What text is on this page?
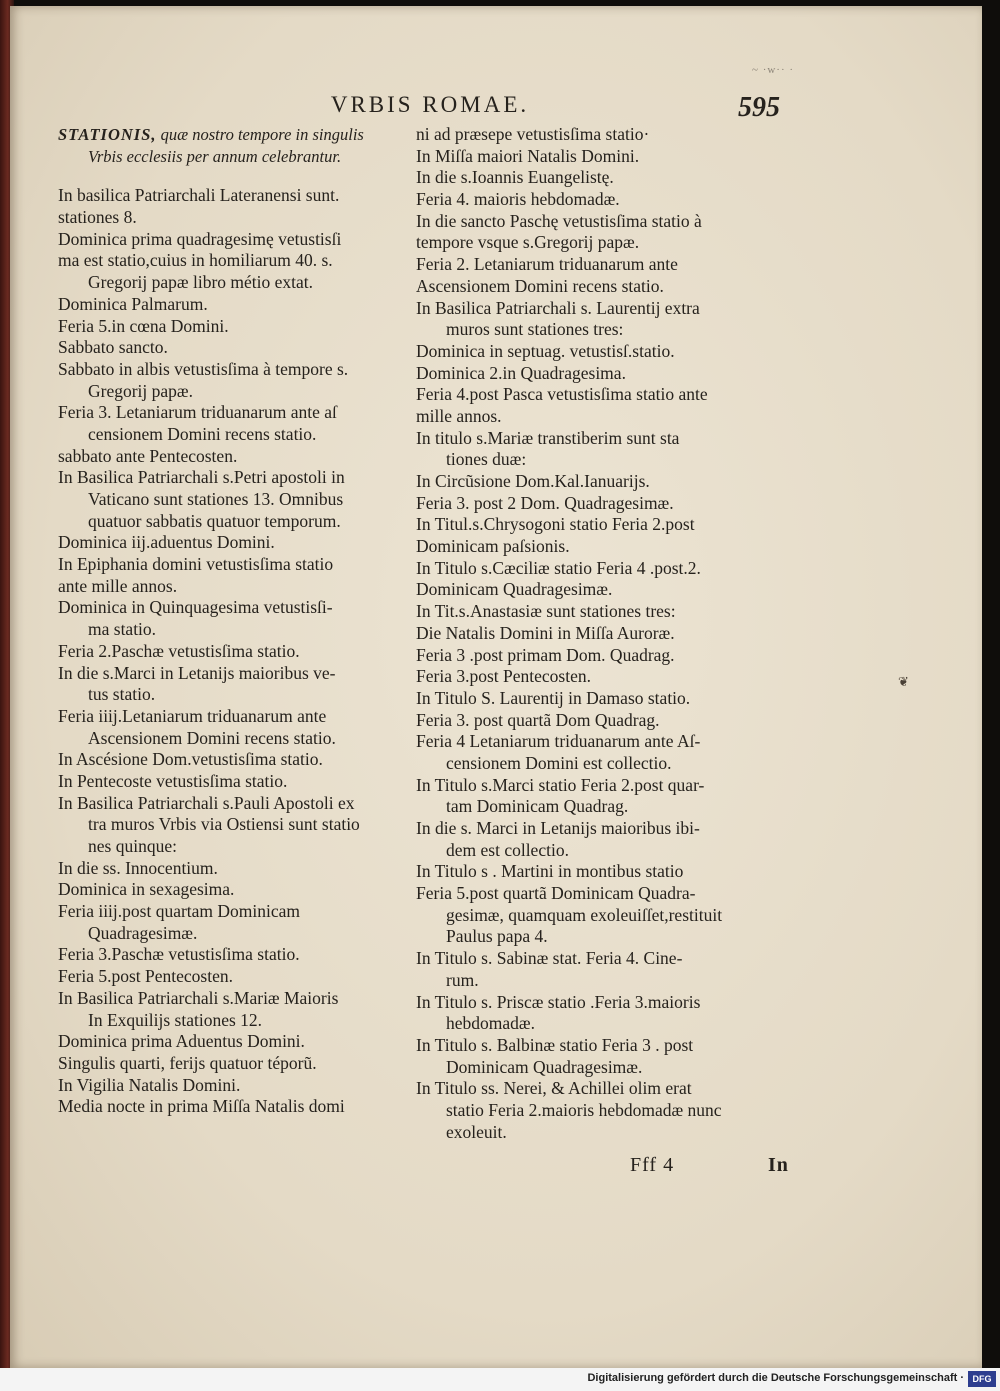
~ ·w·· ·
VRBIS ROMAE.	595
STATIONIS, quæ nostro tempore in singulis
Vrbis ecclesiis per annum celebrantur.
In basilica Patriarchali Lateranensi sunt.
stationes 8.
Dominica prima quadragesimę vetustisſi
ma est statio,cuius in homiliarum 40. s.
Gregorij papæ libro métio extat.
Dominica Palmarum.
Feria 5.in cœna Domini.
Sabbato sancto.
Sabbato in albis vetustisſima à tempore s.
Gregorij papæ.
Feria 3. Letaniarum triduanarum ante aſ
censionem Domini recens statio.
sabbato ante Pentecosten.
In Basilica Patriarchali s.Petri apostoli in
Vaticano sunt stationes 13. Omnibus
quatuor sabbatis quatuor temporum.
Dominica iij.aduentus Domini.
In Epiphania domini vetustisſima statio
ante mille annos.
Dominica in Quinquagesima vetustisſi-
ma statio.
Feria 2.Paschæ vetustisſima statio.
In die s.Marci in Letanijs maioribus ve-
tus statio.
Feria iiij.Letaniarum triduanarum ante
Ascensionem Domini recens statio.
In Ascésione Dom.vetustisſima statio.
In Pentecoste vetustisſima statio.
In Basilica Patriarchali s.Pauli Apostoli ex
tra muros Vrbis via Ostiensi sunt statio
nes quinque:
In die ss. Innocentium.
Dominica in sexagesima.
Feria iiij.post quartam Dominicam
Quadragesimæ.
Feria 3.Paschæ vetustisſima statio.
Feria 5.post Pentecosten.
In Basilica Patriarchali s.Mariæ Maioris
In Exquilijs stationes 12.
Dominica prima Aduentus Domini.
Singulis quarti, ferijs quatuor téporũ.
In Vigilia Natalis Domini.
Media nocte in prima Miſſa Natalis domi
ni ad præsepe vetustisſima statio·
In Miſſa maiori Natalis Domini.
In die s.Ioannis Euangelistę.
Feria 4. maioris hebdomadæ.
In die sancto Paschę vetustisſima statio à
tempore vsque s.Gregorij papæ.
Feria 2. Letaniarum triduanarum ante
Ascensionem Domini recens statio.
In Basilica Patriarchali s. Laurentij extra
muros sunt stationes tres:
Dominica in septuag. vetustisſ.statio.
Dominica 2.in Quadragesima.
Feria 4.post Pasca vetustisſima statio ante
mille annos.
In titulo s.Mariæ transtiberim sunt sta
tiones duæ:
In Circũsione Dom.Kal.Ianuarijs.
Feria 3. post 2 Dom. Quadragesimæ.
In Titul.s.Chrysogoni statio Feria 2.post
Dominicam paſsionis.
In Titulo s.Cæciliæ statio Feria 4 .post.2.
Dominicam Quadragesimæ.
In Tit.s.Anastasiæ sunt stationes tres:
Die Natalis Domini in Miſſa Auroræ.
Feria 3 .post primam Dom. Quadrag.
Feria 3.post Pentecosten.
In Titulo S. Laurentij in Damaso statio.
Feria 3. post quartã Dom Quadrag.
Feria 4 Letaniarum triduanarum ante Aſ-
censionem Domini est collectio.
In Titulo s.Marci statio Feria 2.post quar-
tam Dominicam Quadrag.
In die s. Marci in Letanijs maioribus ibi-
dem est collectio.
In Titulo s . Martini in montibus statio
Feria 5.post quartã Dominicam Quadra-
gesimæ, quamquam exoleuiſſet,restituit
Paulus papa 4.
In Titulo s. Sabinæ stat. Feria 4. Cine-
rum.
In Titulo s. Priscæ statio .Feria 3.maioris
hebdomadæ.
In Titulo s. Balbinæ statio Feria 3 . post
Dominicam Quadragesimæ.
In Titulo ss. Nerei, & Achillei olim erat
statio Feria 2.maioris hebdomadæ nunc
exoleuit.
❦
Fff 4	In
Digitalisierung gefördert durch die Deutsche Forschungsgemeinschaft · DFG
